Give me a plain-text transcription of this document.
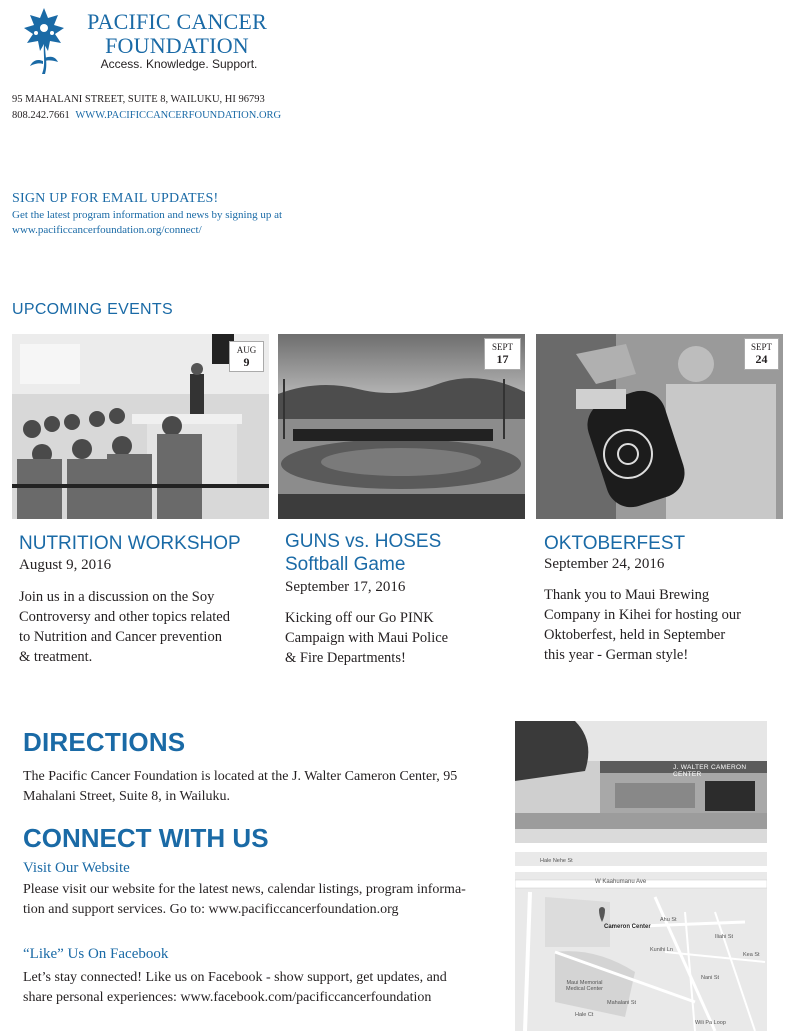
PACIFIC CANCER
FOUNDATION
Access. Knowledge. Support.
95 MAHALANI STREET, SUITE 8, WAILUKU, HI 96793
808.242.7661 WWW.PACIFICCANCERFOUNDATION.ORG
SIGN UP FOR EMAIL UPDATES!
Get the latest program information and news by signing up at
www.pacificcancerfoundation.org/connect/
UPCOMING EVENTS
AUG
9
SEPT
17
SEPT
24
NUTRITION WORKSHOP
August 9, 2016
Join us in a discussion on the Soy
Controversy and other topics related
to Nutrition and Cancer prevention
& treatment.
GUNS vs. HOSES
Softball Game
September 17, 2016
Kicking off our Go PINK
Campaign with Maui Police
& Fire Departments!
OKTOBERFEST
September 24, 2016
Thank you to Maui Brewing
Company in Kihei for hosting our
Oktoberfest, held in September
this year - German style!
DIRECTIONS
The Pacific Cancer Foundation is located at the J. Walter Cameron Center, 95
Mahalani Street, Suite 8, in Wailuku.
CONNECT WITH US
Visit Our Website
Please visit our website for the latest news, calendar listings, program informa-
tion and support services. Go to: www.pacificcancerfoundation.org
“Like” Us On Facebook
Let’s stay connected! Like us on Facebook - show support, get updates, and
share personal experiences: www.facebook.com/pacificcancerfoundation
J. WALTER CAMERON CENTER
Hale Nehe St
W Kaahumanu Ave
Cameron Center
Kunihi Ln
Maui Memorial Medical Center
Mahalani St
Hale Ct
Nani St
Wili Pa Loop
Ahu St
Iliahi St
Kea St
